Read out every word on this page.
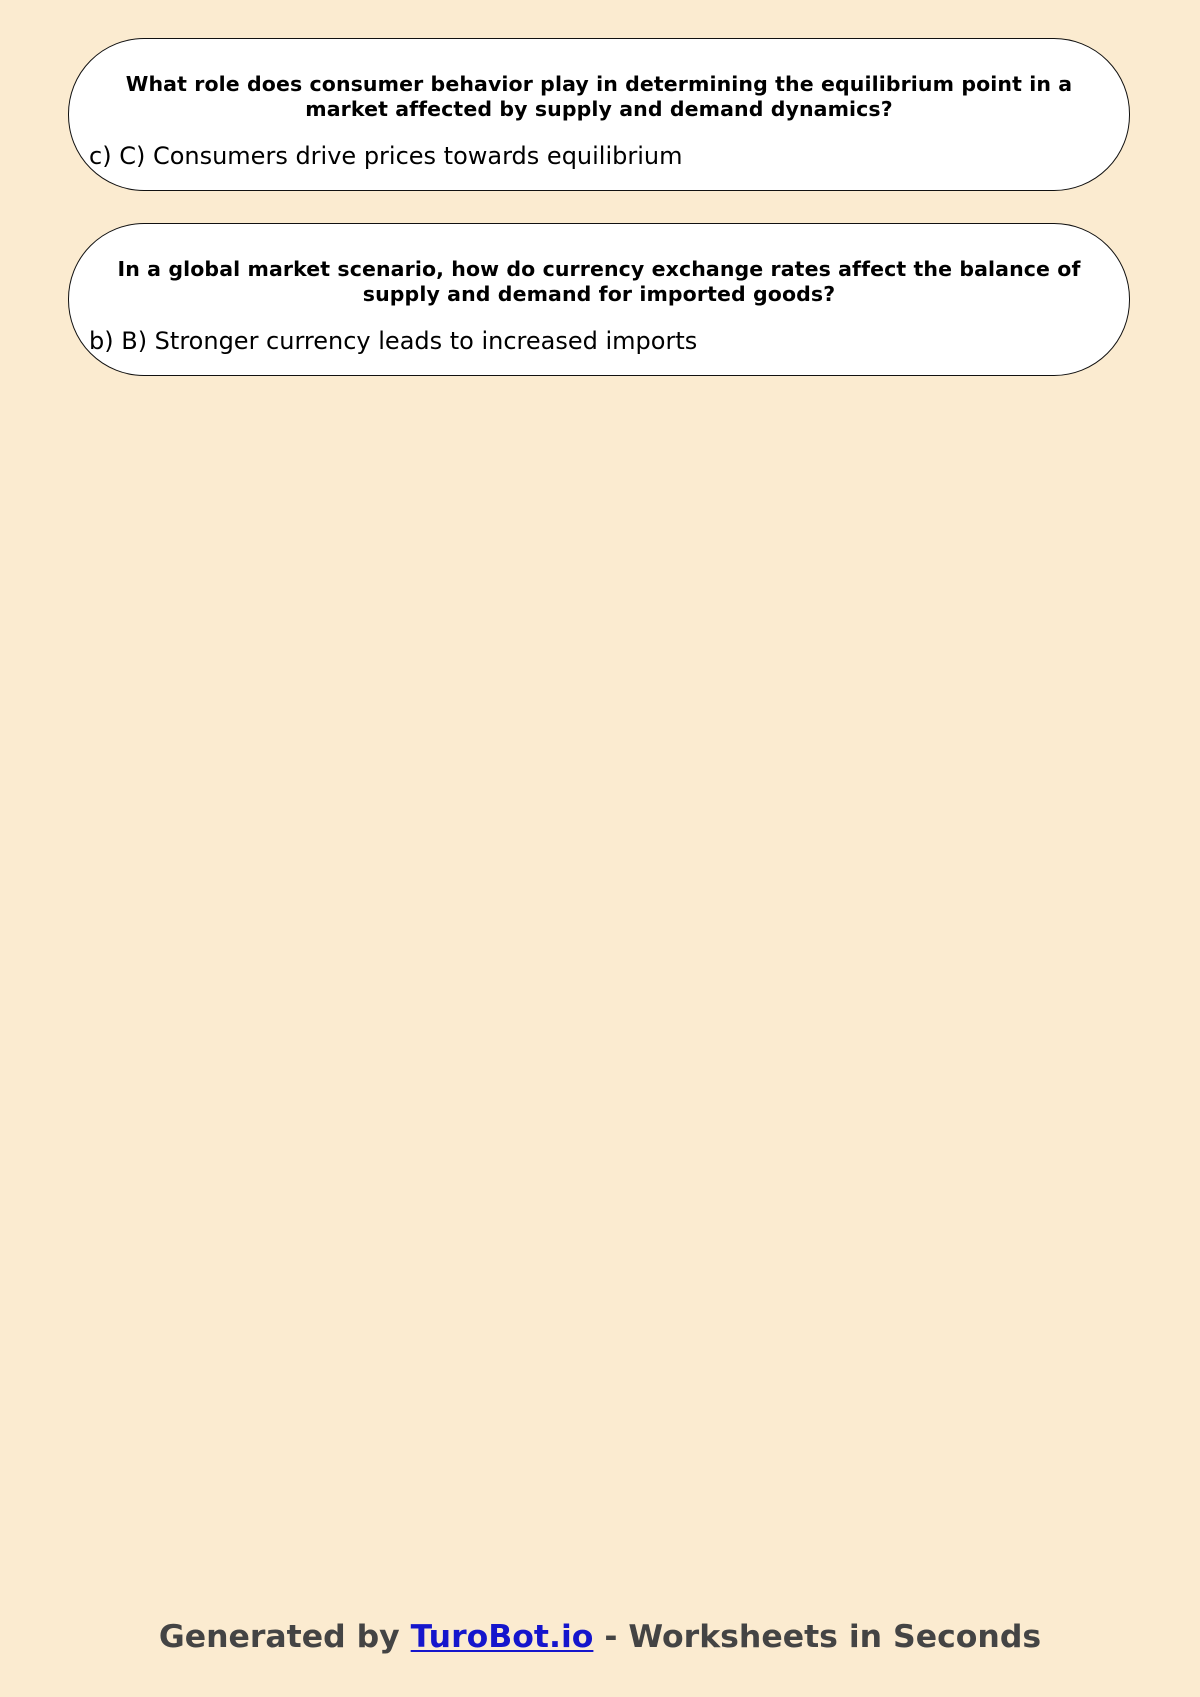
What role does consumer behavior play in determining the equilibrium point in a market affected by supply and demand dynamics?
c) C) Consumers drive prices towards equilibrium
In a global market scenario, how do currency exchange rates affect the balance of supply and demand for imported goods?
b) B) Stronger currency leads to increased imports
Generated by TuroBot.io - Worksheets in Seconds
